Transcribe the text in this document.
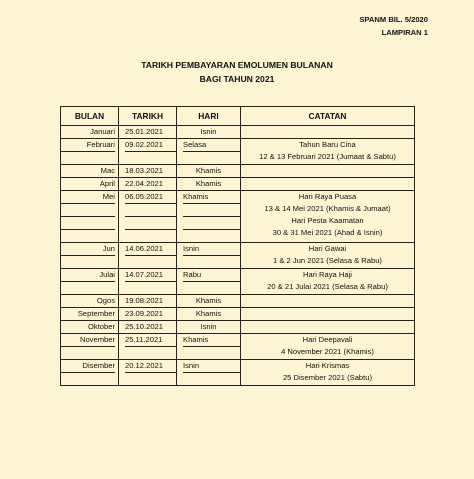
SPANM BIL. 5/2020
LAMPIRAN 1
TARIKH PEMBAYARAN EMOLUMEN BULANAN
BAGI TAHUN 2021
BULAN	TARIKH	HARI	CATATAN

Januari	25.01.2021	Isnin	

Februari	09.02.2021	Selasa	Tahun Baru Cina
12 & 13 Februari 2021 (Jumaat & Sabtu)

Mac	18.03.2021	Khamis	

April	22.04.2021	Khamis	

Mei	06.05.2021	Khamis	Hari Raya Puasa
13 & 14 Mei 2021 (Khamis & Jumaat)
Hari Pesta Kaamatan
30 & 31 Mei 2021 (Ahad & Isnin)

Jun	14.06.2021	Isnin	Hari Gawai
1 & 2 Jun 2021 (Selasa & Rabu)

Julai	14.07.2021	Rabu	Hari Raya Haji
20 & 21 Julai 2021 (Selasa & Rabu)

Ogos	19.08.2021	Khamis	

September	23.09.2021	Khamis	

Oktober	25.10.2021	Isnin	

November	25.11.2021	Khamis	Hari Deepavali
4 November 2021 (Khamis)

Disember	20.12.2021	Isnin	Hari Krismas
25 Disember 2021 (Sabtu)
